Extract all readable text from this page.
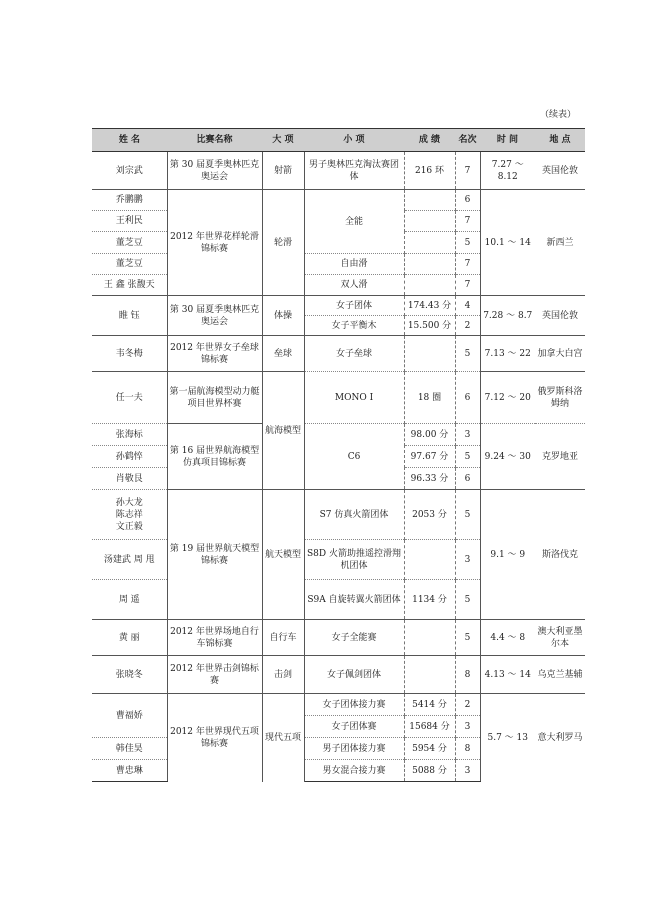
（续表）
姓 名	比赛名称	大 项	小 项	成 绩	名次	时 间	地 点
刘宗武	第 30 届夏季奥林匹克奥运会	射箭	男子奥林匹克淘汰赛团体	216 环	7	7.27 ～ 8.12	英国伦敦
乔鹏鹏	2012 年世界花样轮滑锦标赛	轮滑	全能		6	10.1 ～ 14	新西兰
王利民					7		
董芝豆					5		
董芝豆			自由滑		7		
王 鑫 张馥天			双人滑		7		
睢 钰	第 30 届夏季奥林匹克奥运会	体操	女子团体	174.43 分	4	7.28 ～ 8.7	英国伦敦
			女子平衡木	15.500 分	2		
韦冬梅	2012 年世界女子垒球锦标赛	垒球	女子垒球		5	7.13 ～ 22	加拿大白宫
任一夫	第一届航海模型动力艇项目世界杯赛	航海模型	MONO Ⅰ	18 圈	6	7.12 ～ 20	俄罗斯科洛姆纳
张海标	第 16 届世界航海模型仿真项目锦标赛		C6	98.00 分	3	9.24 ～ 30	克罗地亚
孙鹤悴				97.67 分	5		
肖敬艮				96.33 分	6		
孙大龙
陈志祥
文正毅	第 19 届世界航天模型锦标赛	航天模型	S7 仿真火箭团体	2053 分	5	9.1 ～ 9	斯洛伐克
汤建武 周 甩			S8D 火箭助推遥控滑翔机团体		3		
周 遥			S9A 自旋转翼火箭团体	1134 分	5		
黄 丽	2012 年世界场地自行车锦标赛	自行车	女子全能赛		5	4.4 ～ 8	澳大利亚墨尔本
张晓冬	2012 年世界击剑锦标赛	击剑	女子佩剑团体		8	4.13 ～ 14	乌克兰基辅
曹福娇	2012 年世界现代五项锦标赛	现代五项	女子团体接力赛	5414 分	2	5.7 ～ 13	意大利罗马
			女子团体赛	15684 分	3		
韩佳昊			男子团体接力赛	5954 分	8		
曹忠琳			男女混合接力赛	5088 分	3		
